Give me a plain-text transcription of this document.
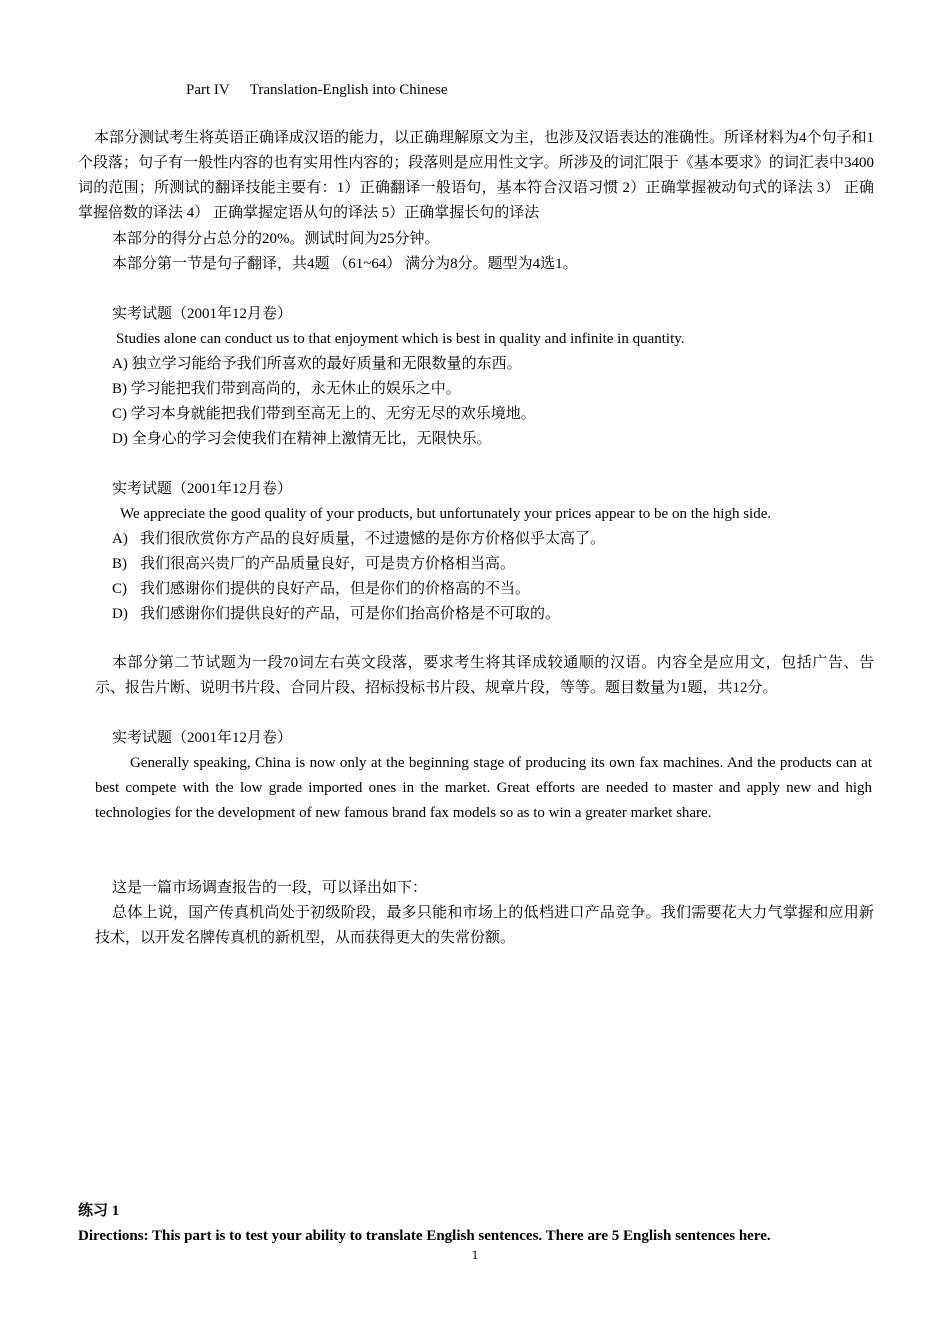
Part IV Translation-English into Chinese
本部分测试考生将英语正确译成汉语的能力，以正确理解原文为主，也涉及汉语表达的准确性。所译材料为4个句子和1个段落；句子有一般性内容的也有实用性内容的；段落则是应用性文字。所涉及的词汇限于《基本要求》的词汇表中3400词的范围；所测试的翻译技能主要有：1）正确翻译一般语句，基本符合汉语习惯 2）正确掌握被动句式的译法 3） 正确掌握倍数的译法 4） 正确掌握定语从句的译法 5）正确掌握长句的译法
本部分的得分占总分的20%。测试时间为25分钟。
本部分第一节是句子翻译，共4题 （61~64） 满分为8分。题型为4选1。
实考试题（2001年12月卷）
Studies alone can conduct us to that enjoyment which is best in quality and infinite in quantity.
A) 独立学习能给予我们所喜欢的最好质量和无限数量的东西。
B) 学习能把我们带到高尚的，永无休止的娱乐之中。
C) 学习本身就能把我们带到至高无上的、无穷无尽的欢乐境地。
D) 全身心的学习会使我们在精神上激情无比，无限快乐。
实考试题（2001年12月卷）
We appreciate the good quality of your products, but unfortunately your prices appear to be on the high side.
A) 我们很欣赏你方产品的良好质量，不过遗憾的是你方价格似乎太高了。
B) 我们很高兴贵厂的产品质量良好，可是贵方价格相当高。
C) 我们感谢你们提供的良好产品，但是你们的价格高的不当。
D) 我们感谢你们提供良好的产品，可是你们抬高价格是不可取的。
本部分第二节试题为一段70词左右英文段落，要求考生将其译成较通顺的汉语。内容全是应用文，包括广告、告示、报告片断、说明书片段、合同片段、招标投标书片段、规章片段，等等。题目数量为1题，共12分。
实考试题（2001年12月卷）
Generally speaking, China is now only at the beginning stage of producing its own fax machines. And the products can at best compete with the low grade imported ones in the market. Great efforts are needed to master and apply new and high technologies for the development of new famous brand fax models so as to win a greater market share.
这是一篇市场调查报告的一段，可以译出如下：
总体上说，国产传真机尚处于初级阶段，最多只能和市场上的低档进口产品竞争。我们需要花大力气掌握和应用新技术，以开发名牌传真机的新机型，从而获得更大的失常份额。
练习 1
Directions: This part is to test your ability to translate English sentences. There are 5 English sentences here.
1
